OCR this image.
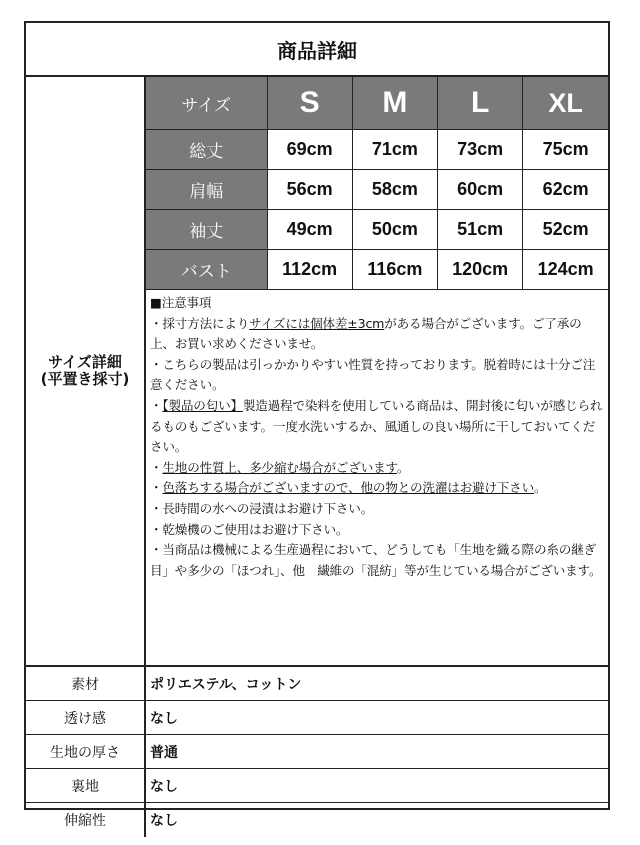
商品詳細
サイズ詳細
(平置き採寸)
サイズ	S	M	L	XL
総丈	69cm	71cm	73cm	75cm
肩幅	56cm	58cm	60cm	62cm
袖丈	49cm	50cm	51cm	52cm
バスト	112cm	116cm	120cm	124cm
■注意事項
・採寸方法によりサイズには個体差±3cmがある場合がございます。ご了承の上、お買い求めくださいませ。
・こちらの製品は引っかかりやすい性質を持っております。脱着時には十分ご注意ください。
・【製品の匂い】製造過程で染料を使用している商品は、開封後に匂いが感じられるものもございます。一度水洗いするか、風通しの良い場所に干しておいてください。
・生地の性質上、多少縮む場合がございます。
・色落ちする場合がございますので、他の物との洗濯はお避け下さい。
・長時間の水への浸漬はお避け下さい。
・乾燥機のご使用はお避け下さい。
・当商品は機械による生産過程において、どうしても「生地を織る際の糸の継ぎ目」や多少の「ほつれ」、他　繊維の「混紡」等が生じている場合がございます。
素材	ポリエステル、コットン
透け感	なし
生地の厚さ	普通
裏地	なし
伸縮性	なし
